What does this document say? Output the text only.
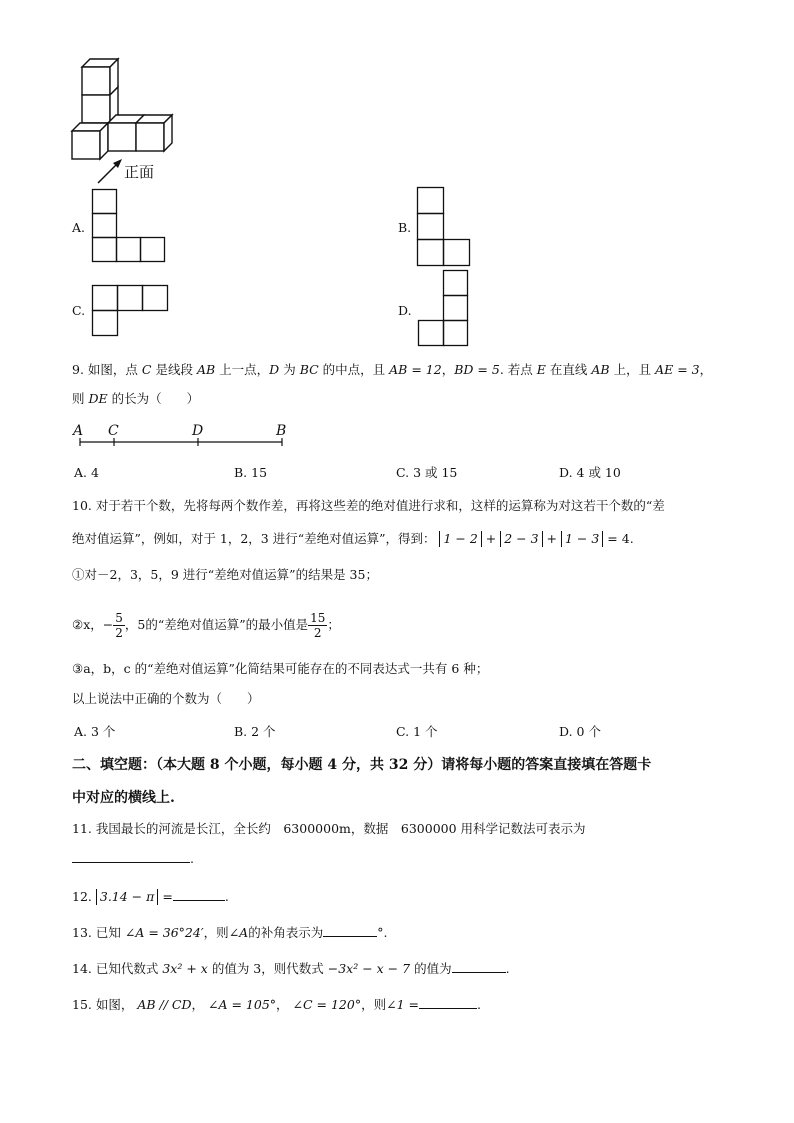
正面
A.	B.
C.	D.
9. 如图，点 C 是线段 AB 上一点，D 为 BC 的中点，且 AB = 12，BD = 5. 若点 E 在直线 AB 上，且 AE = 3，
则 DE 的长为（　　）
A C	D	B
A. 4	B. 15	C. 3 或 15	D. 4 或 10
10. 对于若干个数，先将每两个数作差，再将这些差的绝对值进行求和，这样的运算称为对这若干个数的“差
绝对值运算”，例如，对于 1，2，3 进行“差绝对值运算”，得到： 1 − 2 + 2 − 3 + 1 − 3 = 4.
①对－2，3，5，9 进行“差绝对值运算”的结果是 35；
②x，− $\frac{5}{2}$ ，5的“差绝对值运算”的最小值是 $\frac{15}{2}$ ；
③a，b，c 的“差绝对值运算”化简结果可能存在的不同表达式一共有 6 种；
以上说法中正确的个数为（　　）
A. 3 个	B. 2 个	C. 1 个	D. 0 个
二、填空题：（本大题 8 个小题，每小题 4 分，共 32 分）请将每小题的答案直接填在答题卡
中对应的横线上.
11. 我国最长的河流是长江，全长约　6300000m，数据　6300000 用科学记数法可表示为
.
12. 3.14 − π =	.
13. 已知 ∠A = 36°24′，则∠A的补角表示为	°.
14. 已知代数式 3x² + x 的值为 3，则代数式 −3x² − x − 7 的值为	.
15. 如图， AB // CD， ∠A = 105°， ∠C = 120°，则∠1 =	.
